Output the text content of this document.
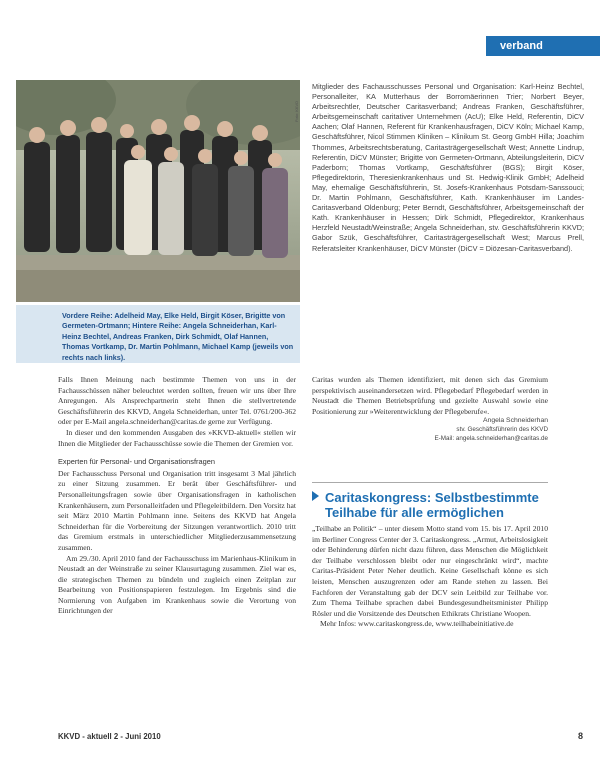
verband
Foto: KKVD
Vordere Reihe: Adelheid May, Elke Held, Birgit Köser, Brigitte von Germeten-Ortmann; Hintere Reihe: Angela Schneiderhan, Karl-Heinz Bechtel, Andreas Franken, Dirk Schmidt, Olaf Hannen, Thomas Vortkamp, Dr. Martin Pohlmann, Michael Kamp (jeweils von rechts nach links).

Mitglieder des Fachausschusses Personal und Organisation: Karl-Heinz Bechtel, Personalleiter, KA Mutterhaus der Borromäerinnen Trier; Norbert Beyer, Arbeitsrechtler, Deutscher Caritasverband; Andreas Franken, Geschäftsführer, Arbeitsgemeinschaft caritativer Unternehmen (AcU); Elke Held, Referentin, DiCV Aachen; Olaf Hannen, Referent für Krankenhausfragen, DiCV Köln; Michael Kamp, Geschäftsführer, Nicol Stimmen Kliniken – Klinikum St. Georg GmbH Hilla; Joachim Thommes, Arbeitsrechtsberatung, Caritasträgergesellschaft West; Annette Lindrup, Referentin, DiCV Münster; Brigitte von Germeten-Ortmann, Abteilungsleiterin, DiCV Paderborn; Thomas Vortkamp, Geschäftsführer (BGS); Birgit Köser, Pflegedirektorin, Theresienkrankenhaus und St. Hedwig-Klinik GmbH; Adelheid May, ehemalige Geschäftsführerin, St. Josefs-Krankenhaus Potsdam-Sanssouci; Dr. Martin Pohlmann, Geschäftsführer, Kath. Krankenhäuser im Landes-Caritasverband Oldenburg; Peter Berndt, Geschäftsführer, Arbeitsgemeinschaft der Kath. Krankenhäuser in Hessen; Dirk Schmidt, Pflegedirektor, Krankenhaus Herzfeld Neustadt/Weinstraße; Angela Schneiderhan, stv. Geschäftsführerin KKVD; Gabor Szük, Geschäftsführer, Caritasträgergesellschaft West; Marcus Prell, Referatsleiter Krankenhäuser, DiCV Münster (DiCV = Diözesan-Caritasverband).

Falls Ihnen Meinung nach bestimmte Themen von uns in der Fachausschüssen näher beleuchtet werden sollten, freuen wir uns über Ihre Anregungen. Als Ansprechpartnerin steht Ihnen die stellvertretende Geschäftsführerin des KKVD, Angela Schneiderhan, unter Tel. 0761/200-362 oder per E-Mail angela.schneiderhan@caritas.de gerne zur Verfügung.

In dieser und den kommenden Ausgaben des »KKVD-aktuell« stellen wir Ihnen die Mitglieder der Fachausschüsse sowie die Themen der Gremien vor.

Experten für Personal- und Organisationsfragen

Der Fachausschuss Personal und Organisation tritt insgesamt 3 Mal jährlich zu einer Sitzung zusammen. Er berät über Geschäftsführer- und Personalleitungsfragen sowie über Organisationsfragen in katholischen Krankenhäusern, zum Personalleitfaden und Pflegeleitbildern. Den Vorsitz hat seit März 2010 Martin Pohlmann inne. Seitens des KKVD hat Angela Schneiderhan für die Vorbereitung der Sitzungen verantwortlich. 2010 tritt das Gremium erstmals in unterschiedlicher Mitgliederzusammensetzung zusammen.

Am 29./30. April 2010 fand der Fachausschuss im Marienhaus-Klinikum in Neustadt an der Weinstraße zu seiner Klausurtagung zusammen. Ziel war es, die strategischen Themen zu bündeln und zugleich einen Zeitplan zur Bearbeitung von Positionspapieren festzulegen. Im Ergebnis sind die Normierung von Aufgaben im Krankenhaus sowie die Verortung von Einrichtungen der

Caritas wurden als Themen identifiziert, mit denen sich das Gremium perspektivisch auseinandersetzen wird. Pflegebedarf Pflegebedarf werden in Neustadt die Themen Betriebsprüfung und gezielte Auswahl sowie eine Positionierung zur »Weiterentwicklung der Pflegeberufe«.

Angela Schneiderhan
stv. Geschäftsführerin des KKVD
E-Mail: angela.schneiderhan@caritas.de
Caritaskongress: Selbstbestimmte
Teilhabe für alle ermöglichen

„Teilhabe an Politik“ – unter diesem Motto stand vom 15. bis 17. April 2010 im Berliner Congress Center der 3. Caritaskongress. „Armut, Arbeitslosigkeit oder Behinderung dürfen nicht dazu führen, dass Menschen die Möglichkeit der Teilhabe verschlossen bleibt oder nur eingeschränkt wird“, machte Caritas-Präsident Peter Neher deutlich. Keine Gesellschaft könne es sich leisten, Menschen auszugrenzen oder am Rande stehen zu lassen. Bei Fachforen der Veranstaltung gab der DCV sein Leitbild zur Teilhabe vor. Zum Thema Teilhabe sprachen dabei Bundesgesundheitsminister Philipp Rösler und die Vorsitzende des Deutschen Ethikrats Christiane Woopen.

Mehr Infos: www.caritaskongress.de, www.teilhabeinitiative.de

KKVD - aktuell 2 - Juni 2010	8
